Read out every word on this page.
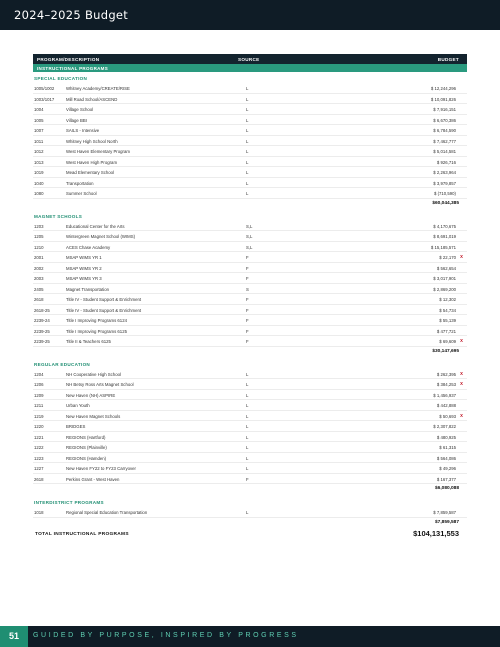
2024–2025 Budget
PROGRAM/DESCRIPTION	SOURCE	BUDGET
INSTRUCTIONAL PROGRAMS
SPECIAL EDUCATION
1005/1002	Whitney Academy/CREATE/RISE	L	$ 12,244,296
1003/1017	Mill Road School/ASCEND	L	$ 10,091,826
1004	Village School	L	$ 7,916,151
1005	Village BBI	L	$ 6,670,386
1007	SAILS - Intensive	L	$ 6,784,590
1011	Whitney High School North	L	$ 7,462,777
1012	West Haven Elementary Program	L	$ 5,014,581
1013	West Haven High Program	L	$ 926,716
1019	Mead Elementary School	L	$ 2,263,964
1040	Transportation	L	$ 3,979,857
1080	Summer School	L	$ (710,590)
$60,044,385
MAGNET SCHOOLS
1203	Educational Center for the Arts	S,L	$ 4,170,675
1205	Wintergreen Magnet School (WIMS)	S,L	$ 8,691,019
1210	ACES Chase Academy	S,L	$ 15,185,571
2001	MSAP WIMS YR 1	F	$ 22,170 x
2002	MSAP WIMS YR 2	F	$ 562,654
2003	MSAP WIMS YR 3	F	$ 3,017,901
2405	Magnet Transportation	S	$ 2,869,200
2618	Title IV - Student Support & Enrichment	F	$ 12,302
2618-25	Title IV - Student Support & Enrichment	F	$ 54,734
2239-24	Title I Improving Programs 6124	F	$ 55,139
2239-25	Title I Improving Programs 6125	F	$ 477,721
2239-25	Title II & Teachers 6125	F	$ 69,609 x
$30,147,695
REGULAR EDUCATION
1204	NH Cooperative High School	L	$ 262,395 x
1206	NH Betsy Ross Arts Magnet School	L	$ 384,253 x
1209	New Haven (NH) ASPIRE	L	$ 1,456,937
1211	Urban Youth	L	$ 442,888
1219	New Haven Magnet Schools	L	$ 50,693 x
1220	BRIDGES	L	$ 2,307,822
1221	REGIONS (Hartford)	L	$ 480,925
1222	REGIONS (Plainville)	L	$ 61,315
1223	REGIONS (Hamden)	L	$ 564,086
1227	New Haven FY22 to FY23 Carryover	L	$ 49,296
2618	Perkins Grant - West Haven	F	$ 167,377
$6,080,088
INTERDISTRICT PROGRAMS
1018	Regional Special Education Transportation	L	$ 7,859,587
$7,859,587
TOTAL INSTRUCTIONAL PROGRAMS	$104,131,553
51	GUIDED BY PURPOSE, INSPIRED BY PROGRESS
